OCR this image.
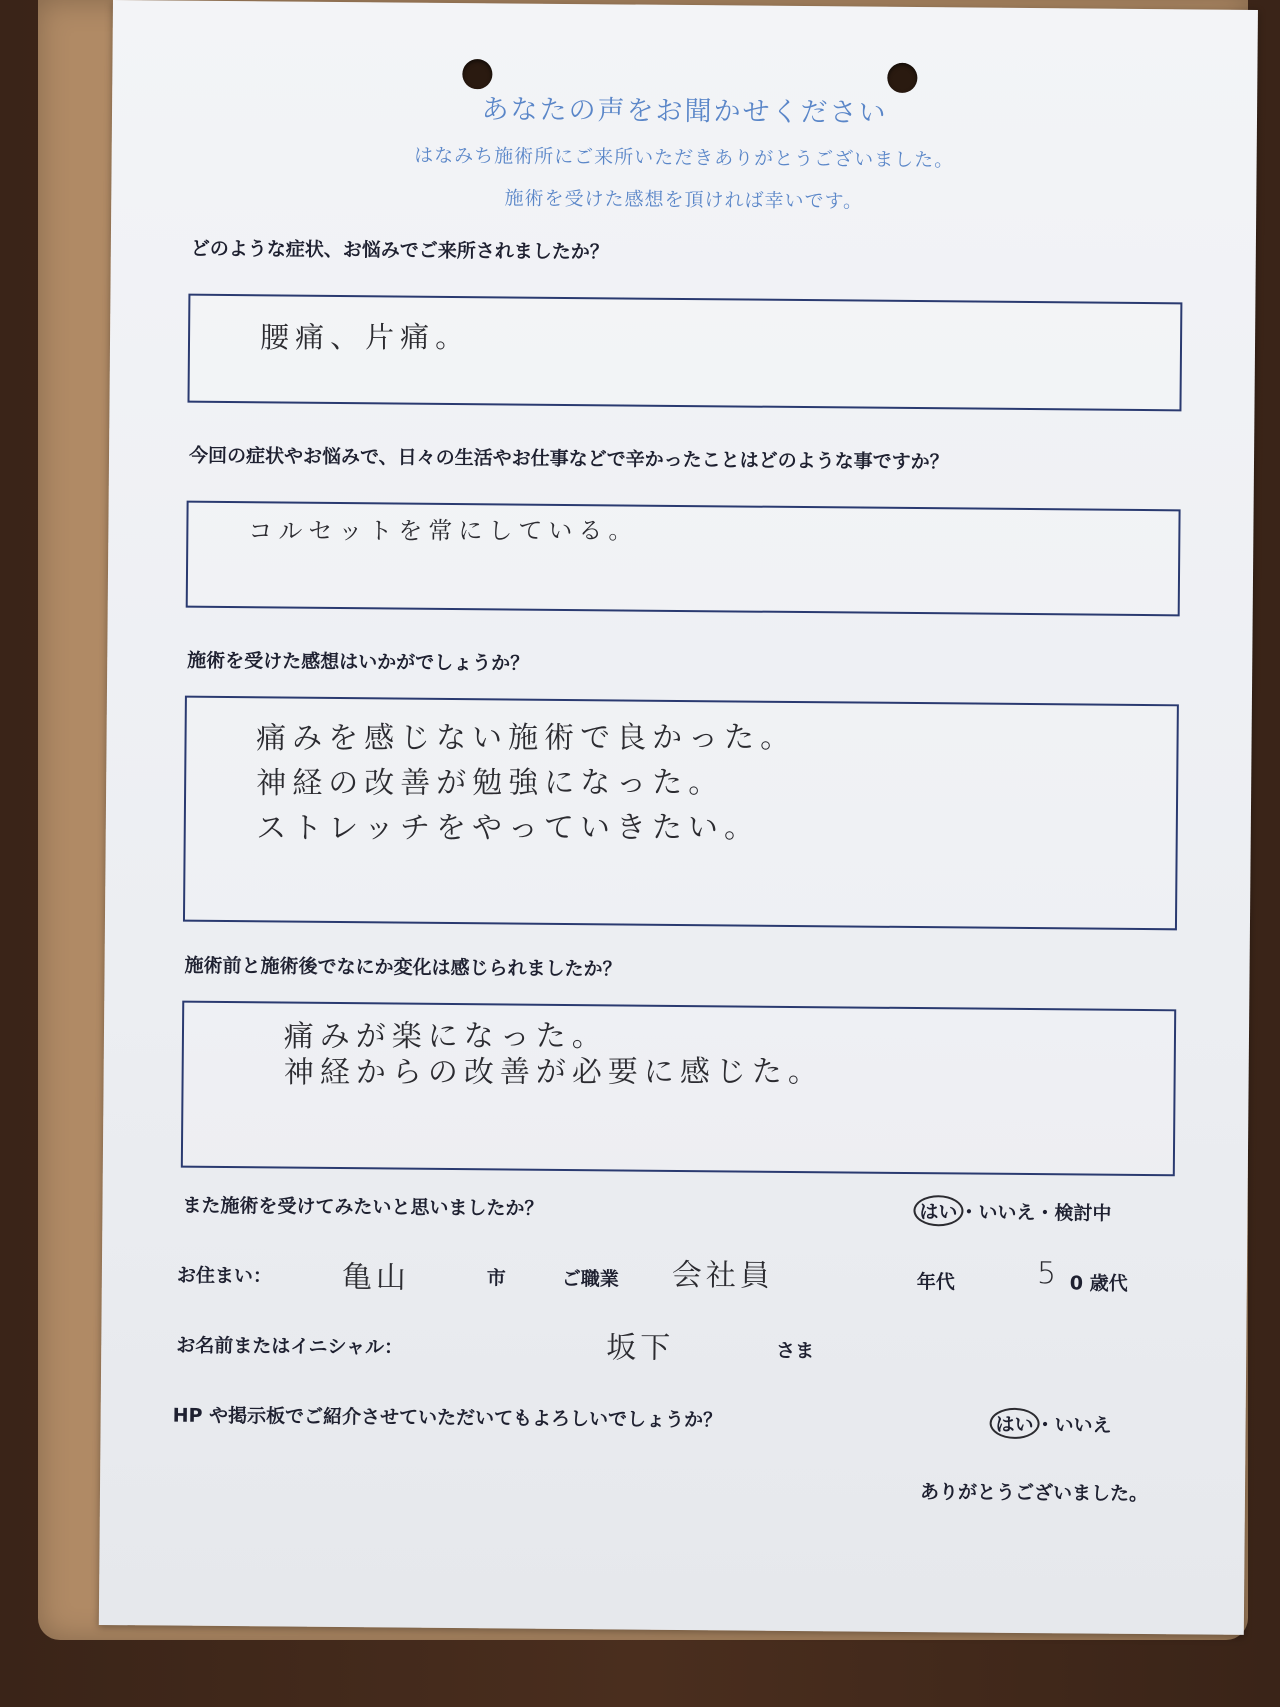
あなたの声をお聞かせください
はなみち施術所にご来所いただきありがとうございました。
施術を受けた感想を頂ければ幸いです。
どのような症状、お悩みでご来所されましたか？
腰痛、片痛。
今回の症状やお悩みで、日々の生活やお仕事などで辛かったことはどのような事ですか？
コルセットを常にしている。
施術を受けた感想はいかがでしょうか？
痛みを感じない施術で良かった。
神経の改善が勉強になった。
ストレッチをやっていきたい。
施術前と施術後でなにか変化は感じられましたか？
痛みが楽になった。
神経からの改善が必要に感じた。
また施術を受けてみたいと思いましたか？	はい・いいえ・検討中
お住まい： 亀山	市	ご職業 会社員	年代	5 0 歳代
お名前またはイニシャル：	坂下	さま
HP や掲示板でご紹介させていただいてもよろしいでしょうか？	はい・いいえ
ありがとうございました。
